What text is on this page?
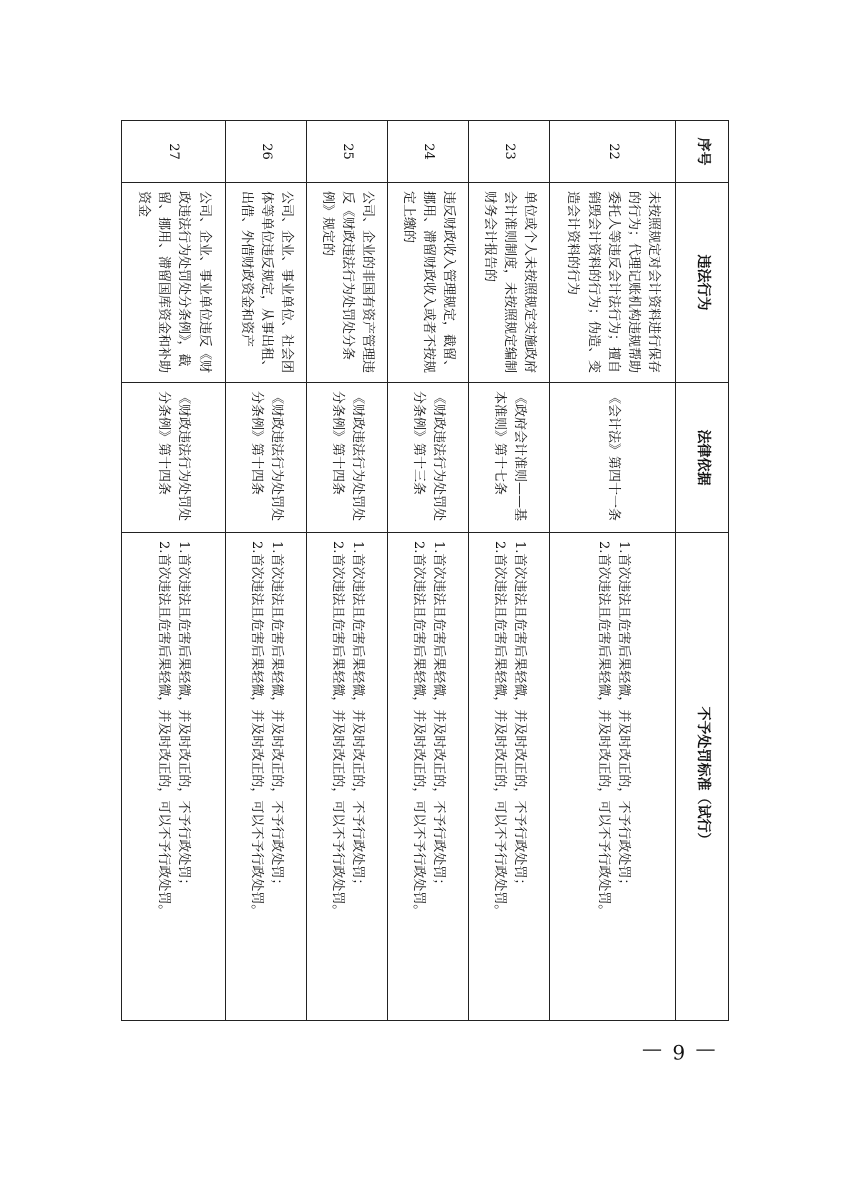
序号	违法行为	法律依据	不予处罚标准（试行）
22	未按照规定对会计资料进行保存的行为；代理记账机构违规帮助委托人等违反会计法行为；擅自销毁会计资料的行为；伪造、变造会计资料的行为	《会计法》第四十一条	1.首次违法且危害后果轻微，并及时改正的，不予行政处罚；
2.首次违法且危害后果轻微，并及时改正的，可以不予行政处罚。

23	单位或个人未按照规定实施政府会计准则制度，未按照规定编制财务会计报告的	《政府会计准则——基本准则》第十七条	1.首次违法且危害后果轻微，并及时改正的，不予行政处罚；
2.首次违法且危害后果轻微，并及时改正的，可以不予行政处罚。

24	违反财政收入管理规定，截留、挪用、滞留财政收入或者不按规定上缴的	《财政违法行为处罚处分条例》第十三条	1.首次违法且危害后果轻微，并及时改正的，不予行政处罚；
2.首次违法且危害后果轻微，并及时改正的，可以不予行政处罚。

25	公司、企业的非国有资产管理违反《财政违法行为处罚处分条例》规定的	《财政违法行为处罚处分条例》第十四条	1.首次违法且危害后果轻微，并及时改正的，不予行政处罚；
2.首次违法且危害后果轻微，并及时改正的，可以不予行政处罚。

26	公司、企业、事业单位、社会团体等单位违反规定，从事出租、出借、外借财政资金和资产	《财政违法行为处罚处分条例》第十四条	1.首次违法且危害后果轻微，并及时改正的，不予行政处罚；
2.首次违法且危害后果轻微，并及时改正的，可以不予行政处罚。

27	公司、企业、事业单位违反《财政违法行为处罚处分条例》，截留、挪用、滞留国库资金和补助资金	《财政违法行为处罚处分条例》第十四条	1.首次违法且危害后果轻微，并及时改正的，不予行政处罚；
2.首次违法且危害后果轻微，并及时改正的，可以不予行政处罚。
— 6 —
